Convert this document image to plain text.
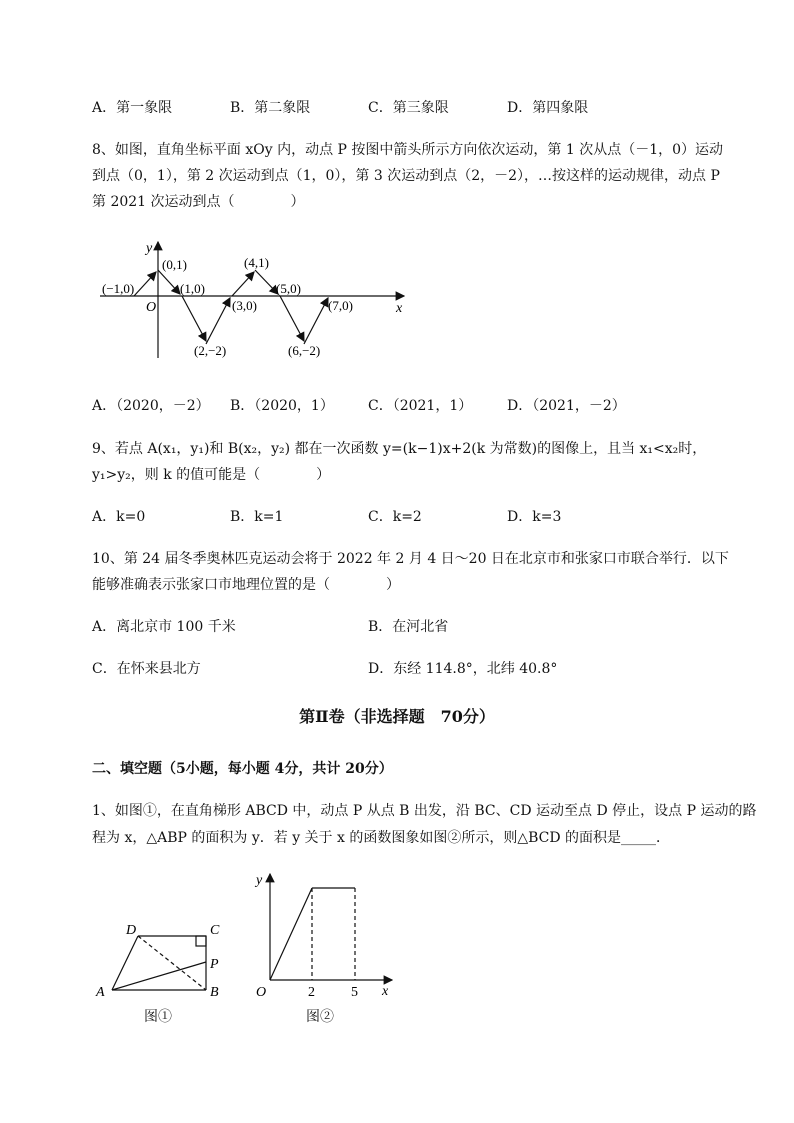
A．第一象限	B．第二象限	C．第三象限	D．第四象限
8、如图，直角坐标平面 xOy 内，动点 P 按图中箭头所示方向依次运动，第 1 次从点（－1，0）运动
到点（0，1），第 2 次运动到点（1，0），第 3 次运动到点（2，－2），…按这样的运动规律，动点 P
第 2021 次运动到点（　　　　）
x
y
O
(−1,0)
(0,1)
(1,0)
(2,−2)
(3,0)
(4,1)
(5,0)
(6,−2)
(7,0)
A．（2020，－2） B．（2020，1） C．（2021，1） D．（2021，－2）
9、若点 A(x₁，y₁)和 B(x₂，y₂) 都在一次函数 y=(k−1)x+2(k 为常数)的图像上，且当 x₁<x₂时，
y₁>y₂，则 k 的值可能是（　　　　）
A．k=0	B．k=1	C．k=2	D．k=3
10、第 24 届冬季奥林匹克运动会将于 2022 年 2 月 4 日～20 日在北京市和张家口市联合举行．以下
能够准确表示张家口市地理位置的是（　　　　）
A．离北京市 100 千米	B．在河北省
C．在怀来县北方	D．东经 114.8°，北纬 40.8°
第Ⅱ卷（非选择题　70分）
二、填空题（5小题，每小题 4分，共计 20分）
1、如图①，在直角梯形 ABCD 中，动点 P 从点 B 出发，沿 BC、CD 运动至点 D 停止，设点 P 运动的路
程为 x，△ABP 的面积为 y．若 y 关于 x 的函数图象如图②所示，则△BCD 的面积是_____．
A	B
C
D
P
图①
y
x
O	2	5
图②
